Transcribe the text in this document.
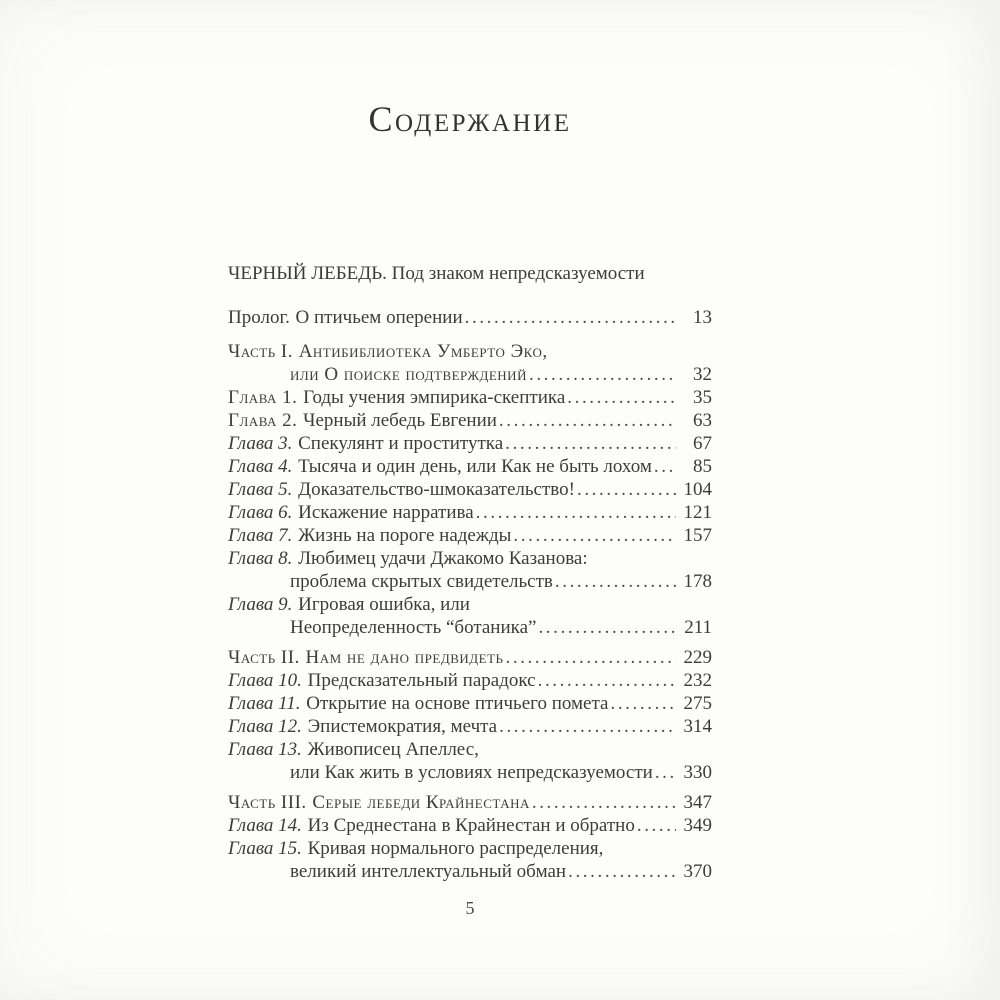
Содержание
ЧЕРНЫЙ ЛЕБЕДЬ. Под знаком непредсказуемости
Пролог. О птичьем оперении .....	13
Часть I. Антибиблиотека Умберто Эко,
или О поиске подтверждений .....	32
Глава 1. Годы учения эмпирика-скептика .....	35
Глава 2. Черный лебедь Евгении .....	63
Глава 3. Спекулянт и проститутка .....	67
Глава 4. Тысяча и один день, или Как не быть лохом .....	85
Глава 5. Доказательство-шмоказательство! .....	104
Глава 6. Искажение нарратива .....	121
Глава 7. Жизнь на пороге надежды .....	157
Глава 8. Любимец удачи Джакомо Казанова:
проблема скрытых свидетельств .....	178
Глава 9. Игровая ошибка, или
Неопределенность “ботаника” .....	211
Часть II. Нам не дано предвидеть .....	229
Глава 10. Предсказательный парадокс .....	232
Глава 11. Открытие на основе птичьего помета .....	275
Глава 12. Эпистемократия, мечта .....	314
Глава 13. Живописец Апеллес,
или Как жить в условиях непредсказуемости .....	330
Часть III. Серые лебеди Крайнестана .....	347
Глава 14. Из Среднестана в Крайнестан и обратно .....	349
Глава 15. Кривая нормального распределения,
великий интеллектуальный обман .....	370
5
